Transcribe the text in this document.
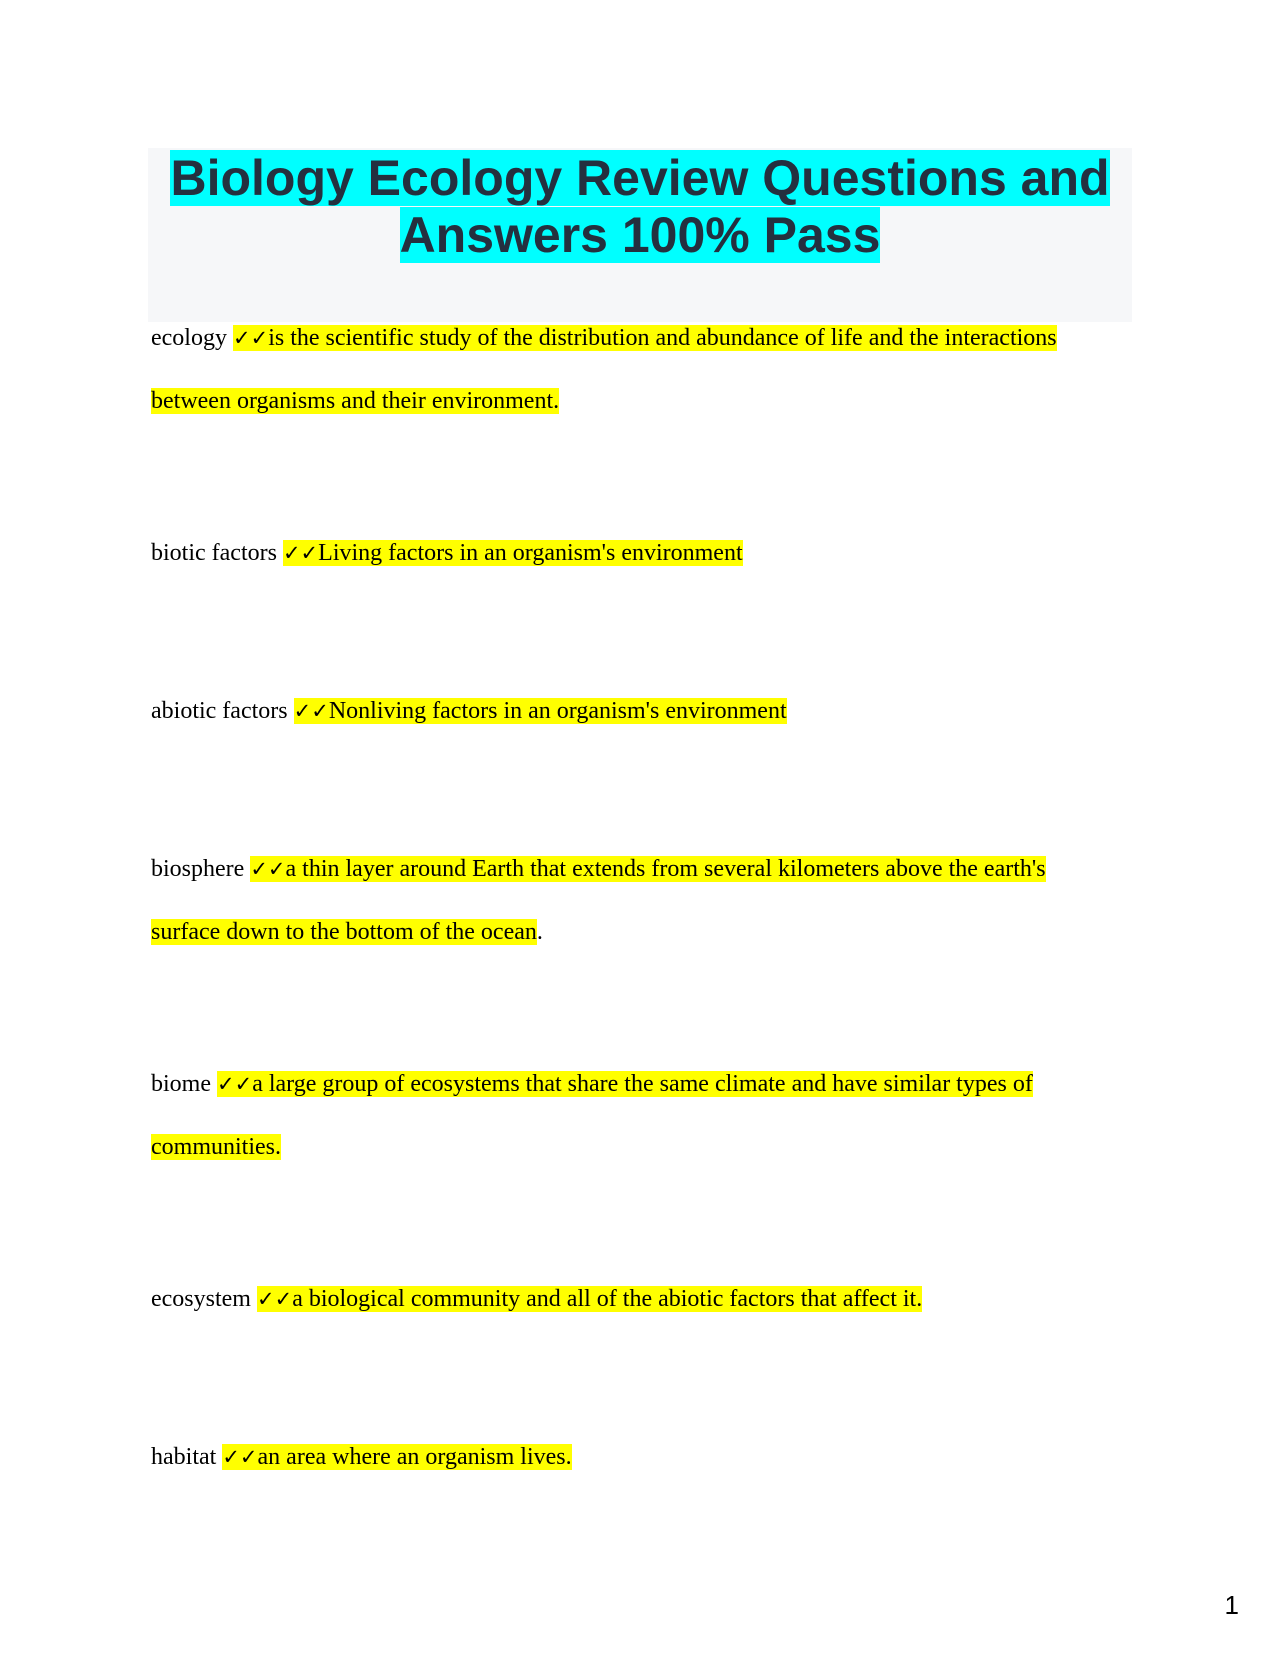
Biology Ecology Review Questions and
Answers 100% Pass

ecology ✓✓is the scientific study of the distribution and abundance of life and the interactions between organisms and their environment.

biotic factors ✓✓Living factors in an organism's environment

abiotic factors ✓✓Nonliving factors in an organism's environment

biosphere ✓✓a thin layer around Earth that extends from several kilometers above the earth's surface down to the bottom of the ocean.

biome ✓✓a large group of ecosystems that share the same climate and have similar types of communities.

ecosystem ✓✓a biological community and all of the abiotic factors that affect it.

habitat ✓✓an area where an organism lives.

1
